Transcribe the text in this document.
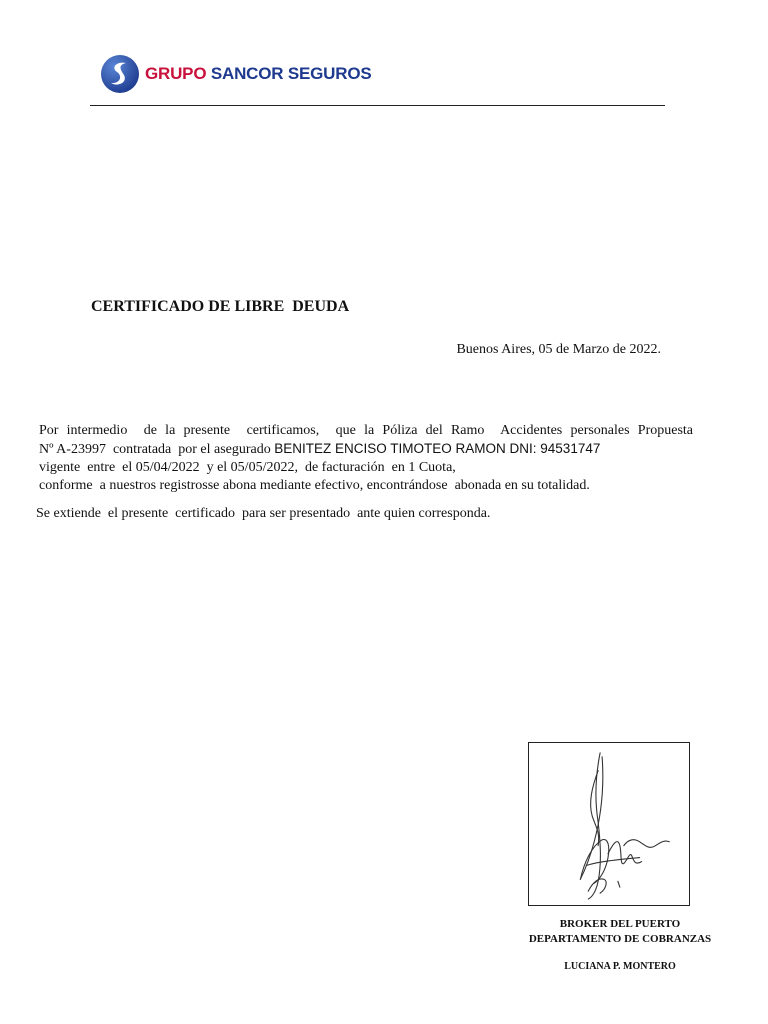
GRUPO SANCOR SEGUROS
CERTIFICADO DE LIBRE  DEUDA
Buenos Aires, 05 de Marzo de 2022.
Por intermedio  de la presente  certificamos,  que la Póliza del Ramo  Accidentes personales Propuesta
Nº A-23997  contratada  por el asegurado BENITEZ ENCISO TIMOTEO RAMON DNI: 94531747
vigente  entre  el 05/04/2022  y el 05/05/2022,  de facturación  en 1 Cuota,
conforme  a nuestros registrosse abona mediante efectivo, encontrándose  abonada en su totalidad.
Se extiende  el presente  certificado  para ser presentado  ante quien corresponda.
BROKER DEL PUERTO
DEPARTAMENTO DE COBRANZAS
LUCIANA P. MONTERO
